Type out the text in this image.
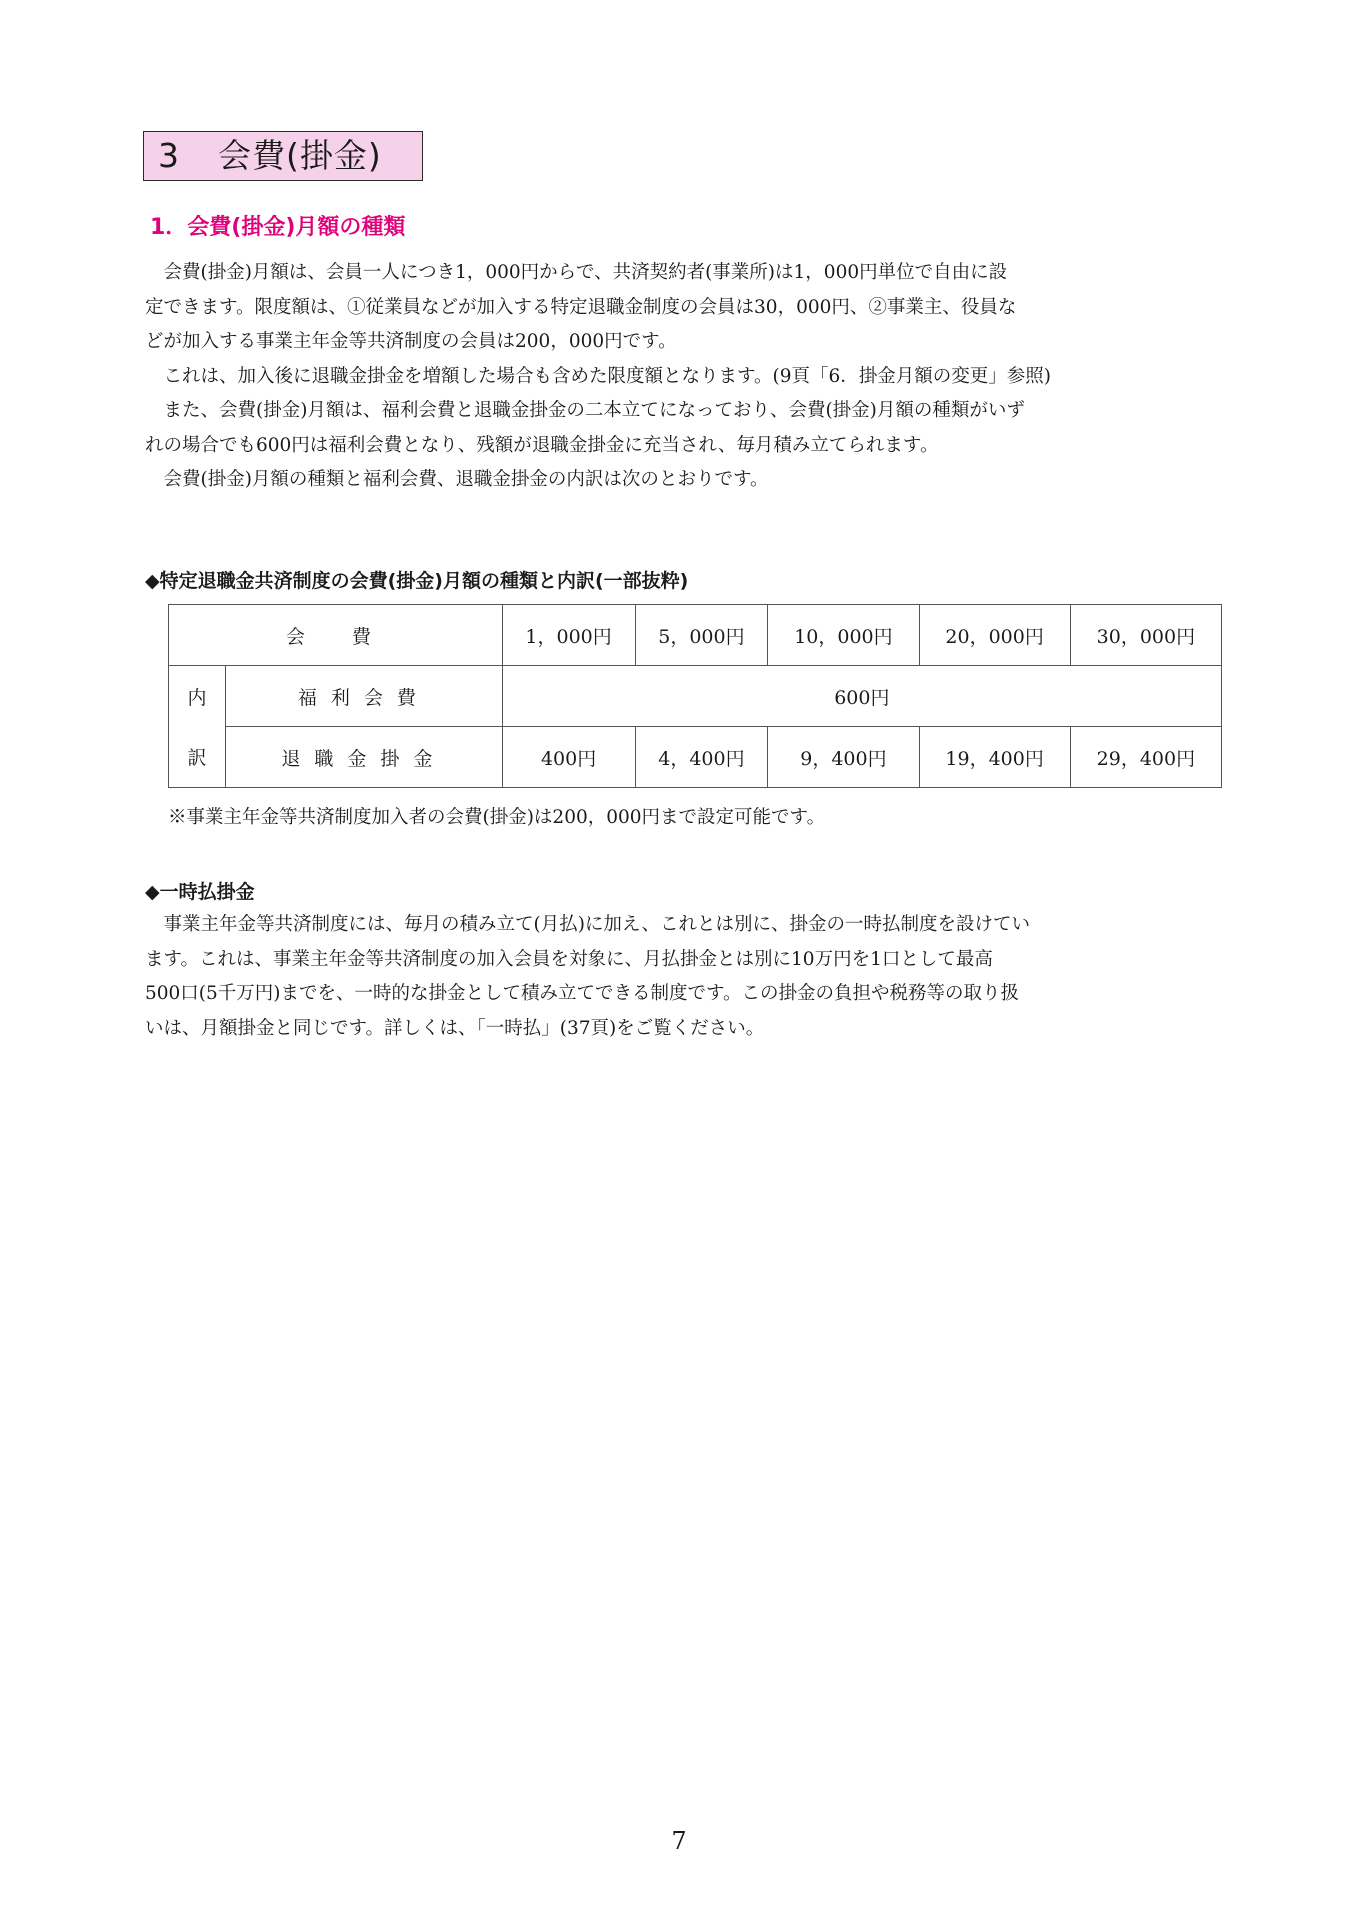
3 会費(掛金)
1．会費(掛金)月額の種類
　会費(掛金)月額は、会員一人につき1，000円からで、共済契約者(事業所)は1，000円単位で自由に設
定できます。限度額は、①従業員などが加入する特定退職金制度の会員は30，000円、②事業主、役員な
どが加入する事業主年金等共済制度の会員は200，000円です。
　これは、加入後に退職金掛金を増額した場合も含めた限度額となります。(9頁「6．掛金月額の変更」参照)
　また、会費(掛金)月額は、福利会費と退職金掛金の二本立てになっており、会費(掛金)月額の種類がいず
れの場合でも600円は福利会費となり、残額が退職金掛金に充当され、毎月積み立てられます。
　会費(掛金)月額の種類と福利会費、退職金掛金の内訳は次のとおりです。
◆特定退職金共済制度の会費(掛金)月額の種類と内訳(一部抜粋)
会　費		1，000円	5，000円	10，000円	20，000円	30，000円
内	福利会費	600円				
訳	退職金掛金	400円	4，400円	9，400円	19，400円	29，400円
※事業主年金等共済制度加入者の会費(掛金)は200，000円まで設定可能です。
◆一時払掛金
　事業主年金等共済制度には、毎月の積み立て(月払)に加え、これとは別に、掛金の一時払制度を設けてい
ます。これは、事業主年金等共済制度の加入会員を対象に、月払掛金とは別に10万円を1口として最高
500口(5千万円)までを、一時的な掛金として積み立てできる制度です。この掛金の負担や税務等の取り扱
いは、月額掛金と同じです。詳しくは、「一時払」(37頁)をご覧ください。
7
